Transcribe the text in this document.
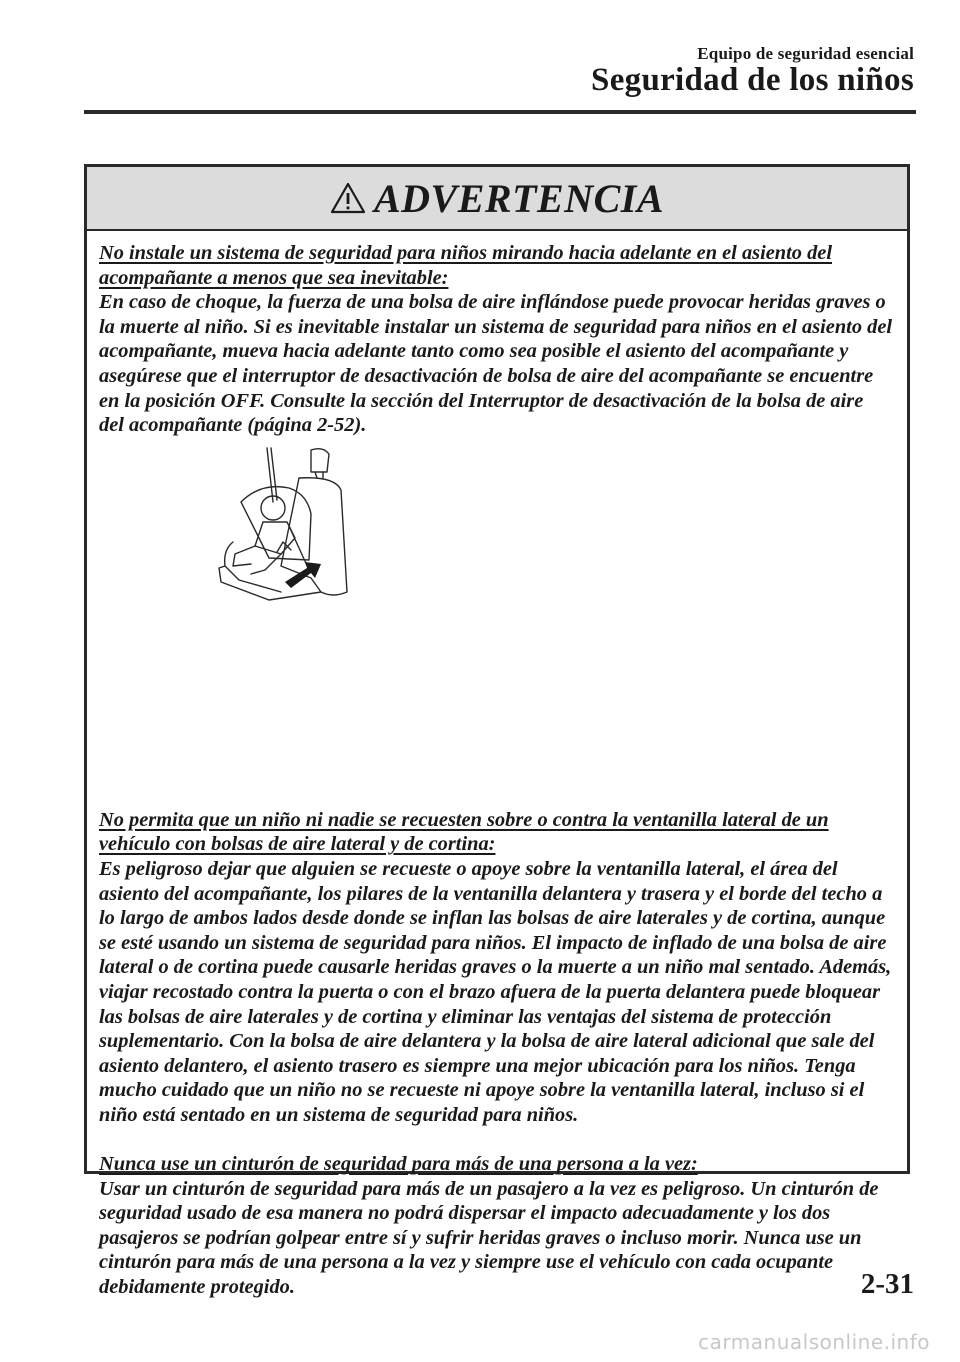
Equipo de seguridad esencial
Seguridad de los niños
ADVERTENCIA

No instale un sistema de seguridad para niños mirando hacia adelante en el asiento del acompañante a menos que sea inevitable:

En caso de choque, la fuerza de una bolsa de aire inflándose puede provocar heridas graves o la muerte al niño. Si es inevitable instalar un sistema de seguridad para niños en el asiento del acompañante, mueva hacia adelante tanto como sea posible el asiento del acompañante y asegúrese que el interruptor de desactivación de bolsa de aire del acompañante se encuentre en la posición OFF. Consulte la sección del Interruptor de desactivación de la bolsa de aire del acompañante (página 2-52).

No permita que un niño ni nadie se recuesten sobre o contra la ventanilla lateral de un vehículo con bolsas de aire lateral y de cortina:

Es peligroso dejar que alguien se recueste o apoye sobre la ventanilla lateral, el área del asiento del acompañante, los pilares de la ventanilla delantera y trasera y el borde del techo a lo largo de ambos lados desde donde se inflan las bolsas de aire laterales y de cortina, aunque se esté usando un sistema de seguridad para niños. El impacto de inflado de una bolsa de aire lateral o de cortina puede causarle heridas graves o la muerte a un niño mal sentado. Además, viajar recostado contra la puerta o con el brazo afuera de la puerta delantera puede bloquear las bolsas de aire laterales y de cortina y eliminar las ventajas del sistema de protección suplementario. Con la bolsa de aire delantera y la bolsa de aire lateral adicional que sale del asiento delantero, el asiento trasero es siempre una mejor ubicación para los niños. Tenga mucho cuidado que un niño no se recueste ni apoye sobre la ventanilla lateral, incluso si el niño está sentado en un sistema de seguridad para niños.

Nunca use un cinturón de seguridad para más de una persona a la vez:

Usar un cinturón de seguridad para más de un pasajero a la vez es peligroso. Un cinturón de seguridad usado de esa manera no podrá dispersar el impacto adecuadamente y los dos pasajeros se podrían golpear entre sí y sufrir heridas graves o incluso morir. Nunca use un cinturón para más de una persona a la vez y siempre use el vehículo con cada ocupante debidamente protegido.	2-31
carmanualsonline.info
